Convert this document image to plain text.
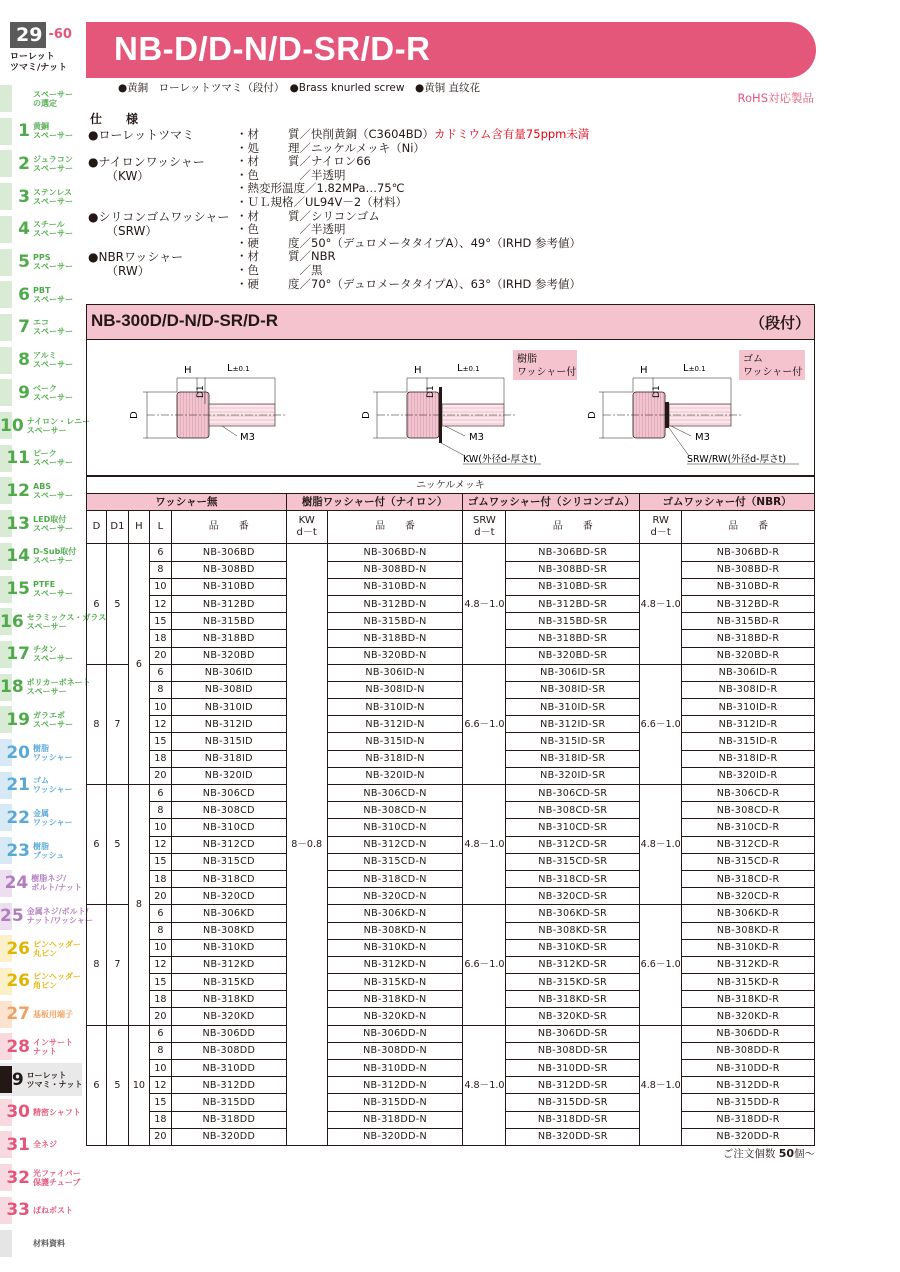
29 -60
ローレット
ツマミ/ナット
スペーサー
の選定
1 黄銅
スペーサー
2 ジュラコン
スペーサー
3 ステンレス
スペーサー
4 スチール
スペーサー
5 PPS
スペーサー
6 PBT
スペーサー
7 エコ
スペーサー
8 アルミ
スペーサー
9 ベーク
スペーサー
10 ナイロン・レニー
スペーサー
11 ピーク
スペーサー
12 ABS
スペーサー
13 LED取付
スペーサー
14 D-Sub取付
スペーサー
15 PTFE
スペーサー
16 セラミックス・ガラス
スペーサー
17 チタン
スペーサー
18 ポリカーボネート
スペーサー
19 ガラエポ
スペーサー
20 樹脂
ワッシャー
21 ゴム
ワッシャー
22 金属
ワッシャー
23 樹脂
ブッシュ
24 樹脂ネジ/
ボルト/ナット
25 金属ネジ/ボルト/
ナット/ワッシャー
26 ピンヘッダー
丸ピン
26 ピンヘッダー
角ピン
27 基板用端子
28 インサート
ナット
29 ローレット
ツマミ・ナット
30 精密シャフト
31 全ネジ
32 光ファイバー
保護チューブ
33 ばねポスト
材料資料
NB-D/D-N/D-SR/D-R
●黄銅　ローレットツマミ（段付）　●Brass knurled screw　●黄铜 直纹花
RoHS対応製品
仕　様
●ローレットツマミ	・材	質／快削黄銅（C3604BD）カドミウム含有量75ppm未満
・処	理／ニッケルメッキ（Ni）
●ナイロンワッシャー
　　（KW）
・材	質／ナイロン66
・色	　／半透明
・熱変形温度／1.82MPa…75℃
・ＵＬ規格／UL94V－2（材料）
●シリコンゴムワッシャー
　　（SRW）
・材	質／シリコンゴム
・色	　／半透明
・硬	度／50°（デュロメータタイプA）、49°（IRHD 参考値）
●NBRワッシャー
　　（RW）
・材	質／NBR
・色	　／黒
・硬	度／70°（デュロメータタイプA）、63°（IRHD 参考値）
NB-300D/D-N/D-SR/D-R	（段付）
H	L±0.1
D
D1
M3
H	L±0.1
D
D1
M3
樹脂
ワッシャー付
KW(外径d-厚さt)
H	L±0.1
D
D1
M3
ゴム
ワッシャー付
SRW/RW(外径d-厚さt)
ニッケルメッキ										
ワッシャー無					樹脂ワッシャー付（ナイロン）		ゴムワッシャー付（シリコンゴム）		ゴムワッシャー付（NBR）	
D	D1	H	L	品　　番	KW
d－t	品　　番	SRW
d－t	品　　番	RW
d－t	品　　番
6	5	6	6	NB-306BD	8－0.8	NB-306BD-N	4.8－1.0	NB-306BD-SR	4.8－1.0	NB-306BD-R
			8	NB-308BD		NB-308BD-N		NB-308BD-SR		NB-308BD-R
			10	NB-310BD		NB-310BD-N		NB-310BD-SR		NB-310BD-R
			12	NB-312BD		NB-312BD-N		NB-312BD-SR		NB-312BD-R
			15	NB-315BD		NB-315BD-N		NB-315BD-SR		NB-315BD-R
			18	NB-318BD		NB-318BD-N		NB-318BD-SR		NB-318BD-R
			20	NB-320BD		NB-320BD-N		NB-320BD-SR		NB-320BD-R
8	7		6	NB-306ID		NB-306ID-N	6.6－1.0	NB-306ID-SR	6.6－1.0	NB-306ID-R
			8	NB-308ID		NB-308ID-N		NB-308ID-SR		NB-308ID-R
			10	NB-310ID		NB-310ID-N		NB-310ID-SR		NB-310ID-R
			12	NB-312ID		NB-312ID-N		NB-312ID-SR		NB-312ID-R
			15	NB-315ID		NB-315ID-N		NB-315ID-SR		NB-315ID-R
			18	NB-318ID		NB-318ID-N		NB-318ID-SR		NB-318ID-R
			20	NB-320ID		NB-320ID-N		NB-320ID-SR		NB-320ID-R
6	5	8	6	NB-306CD		NB-306CD-N	4.8－1.0	NB-306CD-SR	4.8－1.0	NB-306CD-R
			8	NB-308CD		NB-308CD-N		NB-308CD-SR		NB-308CD-R
			10	NB-310CD		NB-310CD-N		NB-310CD-SR		NB-310CD-R
			12	NB-312CD		NB-312CD-N		NB-312CD-SR		NB-312CD-R
			15	NB-315CD		NB-315CD-N		NB-315CD-SR		NB-315CD-R
			18	NB-318CD		NB-318CD-N		NB-318CD-SR		NB-318CD-R
			20	NB-320CD		NB-320CD-N		NB-320CD-SR		NB-320CD-R
8	7		6	NB-306KD		NB-306KD-N	6.6－1.0	NB-306KD-SR	6.6－1.0	NB-306KD-R
			8	NB-308KD		NB-308KD-N		NB-308KD-SR		NB-308KD-R
			10	NB-310KD		NB-310KD-N		NB-310KD-SR		NB-310KD-R
			12	NB-312KD		NB-312KD-N		NB-312KD-SR		NB-312KD-R
			15	NB-315KD		NB-315KD-N		NB-315KD-SR		NB-315KD-R
			18	NB-318KD		NB-318KD-N		NB-318KD-SR		NB-318KD-R
			20	NB-320KD		NB-320KD-N		NB-320KD-SR		NB-320KD-R
6	5	10	6	NB-306DD		NB-306DD-N	4.8－1.0	NB-306DD-SR	4.8－1.0	NB-306DD-R
			8	NB-308DD		NB-308DD-N		NB-308DD-SR		NB-308DD-R
			10	NB-310DD		NB-310DD-N		NB-310DD-SR		NB-310DD-R
			12	NB-312DD		NB-312DD-N		NB-312DD-SR		NB-312DD-R
			15	NB-315DD		NB-315DD-N		NB-315DD-SR		NB-315DD-R
			18	NB-318DD		NB-318DD-N		NB-318DD-SR		NB-318DD-R
			20	NB-320DD		NB-320DD-N		NB-320DD-SR		NB-320DD-R
ご注文個数 50個～
